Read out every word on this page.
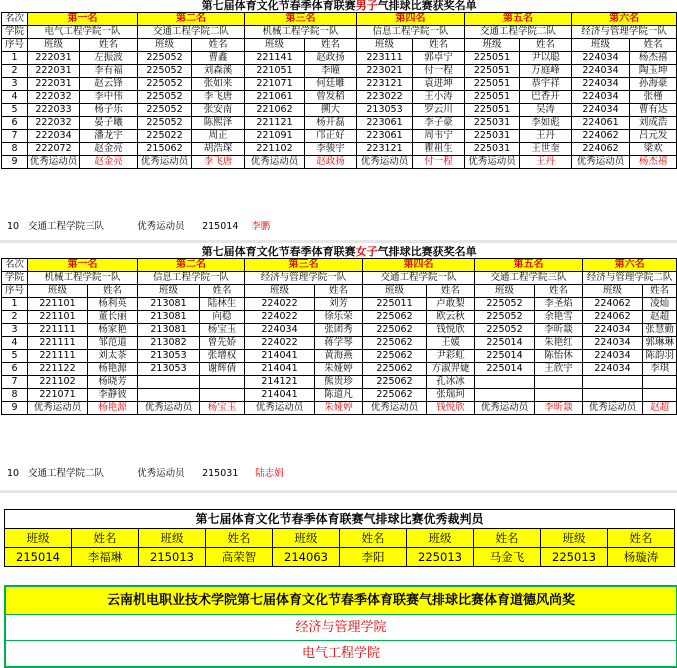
第七届体育文化节春季体育联赛男子气排球比赛获奖名单												
名次	第一名		第二名		第三名		第四名		第五名		第六名	
学院	电气工程学院一队		交通工程学院二队		机械工程学院一队		信息工程学院一队		交通工程学院二队		经济与管理学院一队	
序号	班级	姓名	班级	姓名	班级	姓名	班级	姓名	班级	姓名	班级	姓名
1	222031	左振波	225052	曹鑫	221141	赵政扬	223111	郭卓宁	225051	尹以聪	224034	杨杰禧
2	222031	李有福	225052	刘森溪	221051	李曈	223021	付一程	225051	万庭峰	224034	陶玉坤
3	222031	赵云锋	225052	张如来	221071	何廷雕	223121	袁进坤	225051	恭宇祥	224034	孙海豪
4	222032	李中伟	225052	李飞唐	221061	曾发稻	223022	王小涛	225051	巴香开	224034	张槿
5	222033	杨子乐	225052	张安南	221062	搠大	213053	罗云川	225051	吴涛	224034	曹有达
6	222032	晏子曦	225052	陈熙泽	221121	杨开磊	223061	李子豪	225031	李如彪	224061	刘成浩
7	222034	潘龙宇	225022	周正	221091	邝正好	223061	周韦宁	225031	王丹	224062	吕元发
8	222072	赵金亮	215062	胡浩琛	221102	李骏宇	223121	瞿祖生	225031	王世奎	224062	梁欢
9	优秀运动员	赵金亮	优秀运动员	李飞唐	优秀运动员	赵政扬	优秀运动员	付一程	优秀运动员	王丹	优秀运动员	杨杰禧
10 交通工程学院三队	优秀运动员 215014 李鹏
第七届体育文化节春季体育联赛女子气排球比赛获奖名单												
名次	第一名		第二名		第三名		第四名		第五名		第六名	
学院	机械工程学院一队		信息工程学院一队		经济与管理学院一队		交通工程学院一队		交通工程学院三队		经济与管理学院二队	
序号	班级	姓名	班级	姓名	班级	姓名	班级	姓名	班级	姓名	班级	姓名
1	221101	杨利英	213081	陆林生	224022	刘芳	225011	卢敢梨	225052	李圣焰	224062	凌灿
2	221101	董长丽	213081	向稳	224022	徐乐荣	225062	欧云秋	225052	余艳雪	224062	赵超
3	221111	杨家艳	213081	杨宝玉	224034	张团秀	225062	钱悦欣	225052	李昕燚	224034	张慧勤
4	221111	邹范道	213082	曾先娇	224022	蒋学琴	225062	王媛	225014	朱艳红	224034	郭琳琳
5	221111	刘太茶	213053	张增权	214041	黄海燕	225062	尹彩虹	225014	陈怡休	224034	陈韵羽
6	221122	杨艳源	213053	谢辉倩	214041	朱娅婷	225062	方淑羿婕	225014	王欣宇	224034	李琪
7	221102	杨晓芳			214121	熊贵珍	225062	孔冰冰				
8	221071	李静彼			214041	陈道凡	225062	张瑞珂				
9	优秀运动员	杨艳源	优秀运动员	杨宝玉	优秀运动员	朱娅婷	优秀运动员	钱悦欣	优秀运动员	李昕燚	优秀运动员	赵超
10 交通工程学院二队	优秀运动员 215031 陆志娟
第七届体育文化节春季体育联赛气排球比赛优秀裁判员									
班级	姓名	班级	姓名	班级	姓名	班级	姓名	班级	姓名
215014	李福琳	215013	高荣智	214063	李阳	225013	马金飞	225013	杨璇涛
云南机电职业技术学院第七届体育文化节春季体育联赛气排球比赛体育道德风尚奖
经济与管理学院
电气工程学院
